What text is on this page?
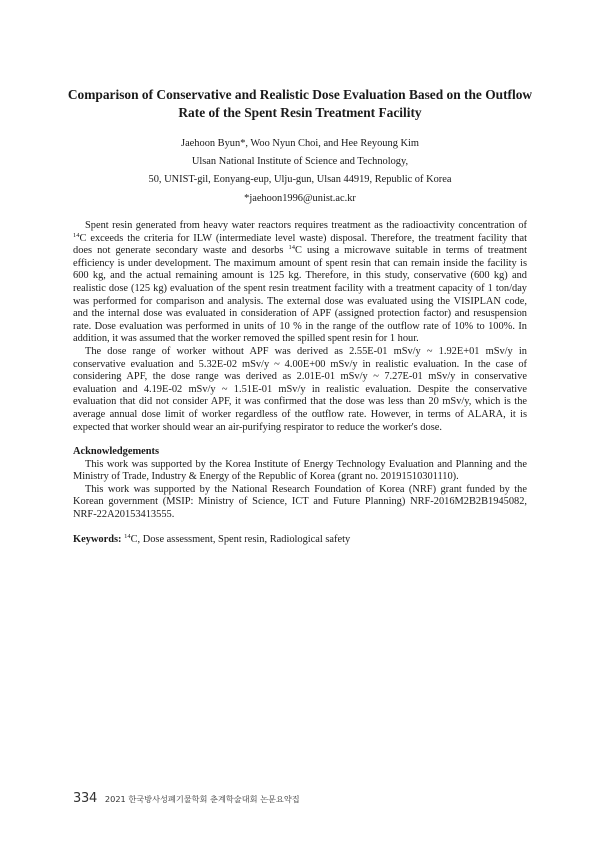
Comparison of Conservative and Realistic Dose Evaluation Based on the Outflow Rate of the Spent Resin Treatment Facility
Jaehoon Byun*, Woo Nyun Choi, and Hee Reyoung Kim
Ulsan National Institute of Science and Technology,
50, UNIST-gil, Eonyang-eup, Ulju-gun, Ulsan 44919, Republic of Korea
*jaehoon1996@unist.ac.kr

Spent resin generated from heavy water reactors requires treatment as the radioactivity concentration of $^{14}$C exceeds the criteria for ILW (intermediate level waste) disposal. Therefore, the treatment facility that does not generate secondary waste and desorbs $^{14}$C using a microwave suitable in terms of treatment efficiency is under development. The maximum amount of spent resin that can remain inside the facility is 600 kg, and the actual remaining amount is 125 kg. Therefore, in this study, conservative (600 kg) and realistic dose (125 kg) evaluation of the spent resin treatment facility with a treatment capacity of 1 ton/day was performed for comparison and analysis. The external dose was evaluated using the VISIPLAN code, and the internal dose was evaluated in consideration of APF (assigned protection factor) and resuspension rate. Dose evaluation was performed in units of 10 % in the range of the outflow rate of 10% to 100%. In addition, it was assumed that the worker removed the spilled spent resin for 1 hour.

The dose range of worker without APF was derived as 2.55E-01 mSv/y ~ 1.92E+01 mSv/y in conservative evaluation and 5.32E-02 mSv/y ~ 4.00E+00 mSv/y in realistic evaluation. In the case of considering APF, the dose range was derived as 2.01E-01 mSv/y ~ 7.27E-01 mSv/y in conservative evaluation and 4.19E-02 mSv/y ~ 1.51E-01 mSv/y in realistic evaluation. Despite the conservative evaluation that did not consider APF, it was confirmed that the dose was less than 20 mSv/y, which is the average annual dose limit of worker regardless of the outflow rate. However, in terms of ALARA, it is expected that worker should wear an air-purifying respirator to reduce the worker's dose.

Acknowledgements

This work was supported by the Korea Institute of Energy Technology Evaluation and Planning and the Ministry of Trade, Industry & Energy of the Republic of Korea (grant no. 20191510301110).

This work was supported by the National Research Foundation of Korea (NRF) grant funded by the Korean government (MSIP: Ministry of Science, ICT and Future Planning) NRF-2016M2B2B1945082, NRF-22A20153413555.

Keywords: $^{14}$C, Dose assessment, Spent resin, Radiological safety
334 2021 한국방사성폐기물학회 춘계학술대회 논문요약집
